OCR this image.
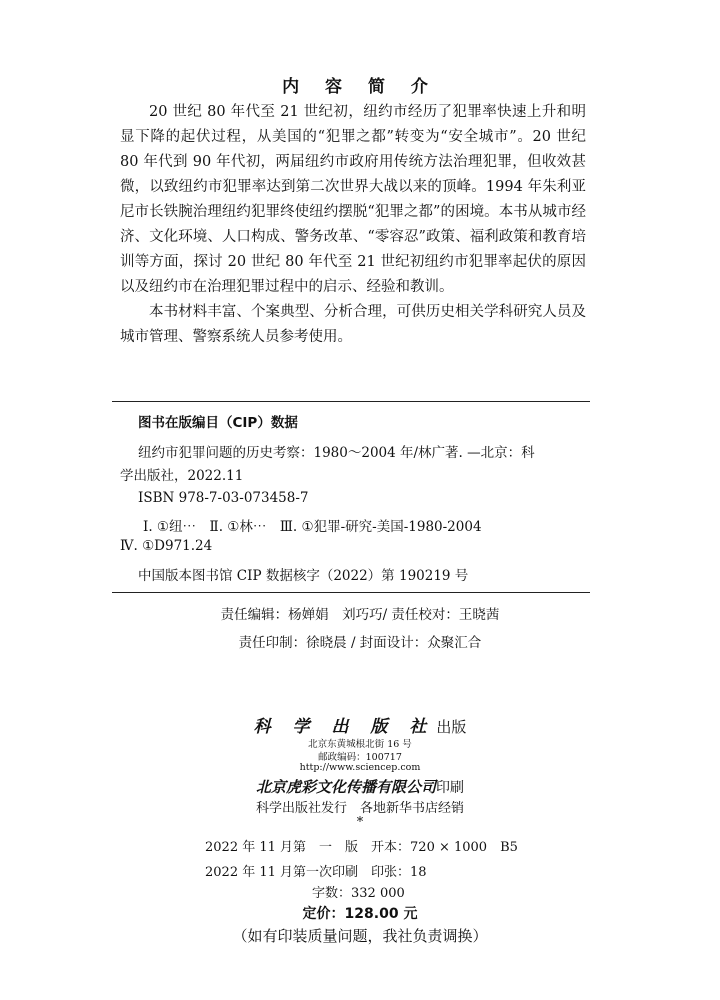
内 容 简 介

20 世纪 80 年代至 21 世纪初，纽约市经历了犯罪率快速上升和明显下降的起伏过程，从美国的“犯罪之都”转变为“安全城市”。20 世纪 80 年代到 90 年代初，两届纽约市政府用传统方法治理犯罪，但收效甚微，以致纽约市犯罪率达到第二次世界大战以来的顶峰。1994 年朱利亚尼市长铁腕治理纽约犯罪终使纽约摆脱“犯罪之都”的困境。本书从城市经济、文化环境、人口构成、警务改革、“零容忍”政策、福利政策和教育培训等方面，探讨 20 世纪 80 年代至 21 世纪初纽约市犯罪率起伏的原因以及纽约市在治理犯罪过程中的启示、经验和教训。

本书材料丰富、个案典型、分析合理，可供历史相关学科研究人员及城市管理、警察系统人员参考使用。

图书在版编目（CIP）数据
纽约市犯罪问题的历史考察：1980～2004 年/林广著. —北京：科
学出版社，2022.11
ISBN 978-7-03-073458-7
Ⅰ. ①纽⋯　Ⅱ. ①林⋯　Ⅲ. ①犯罪-研究-美国-1980-2004
Ⅳ. ①D971.24
中国版本图书馆 CIP 数据核字（2022）第 190219 号
责任编辑：杨婵娟　刘巧巧/ 责任校对：王晓茜
责任印制：徐晓晨 / 封面设计：众聚汇合
科 学 出 版 社 出版
北京东黄城根北街 16 号
邮政编码：100717
http://www.sciencep.com
北京虎彩文化传播有限公司印刷
科学出版社发行　各地新华书店经销
*
2022 年 11 月第　一　版　开本：720 × 1000　B5
2022 年 11 月第一次印刷　印张：18
字数：332 000
定价：128.00 元
（如有印装质量问题，我社负责调换）
